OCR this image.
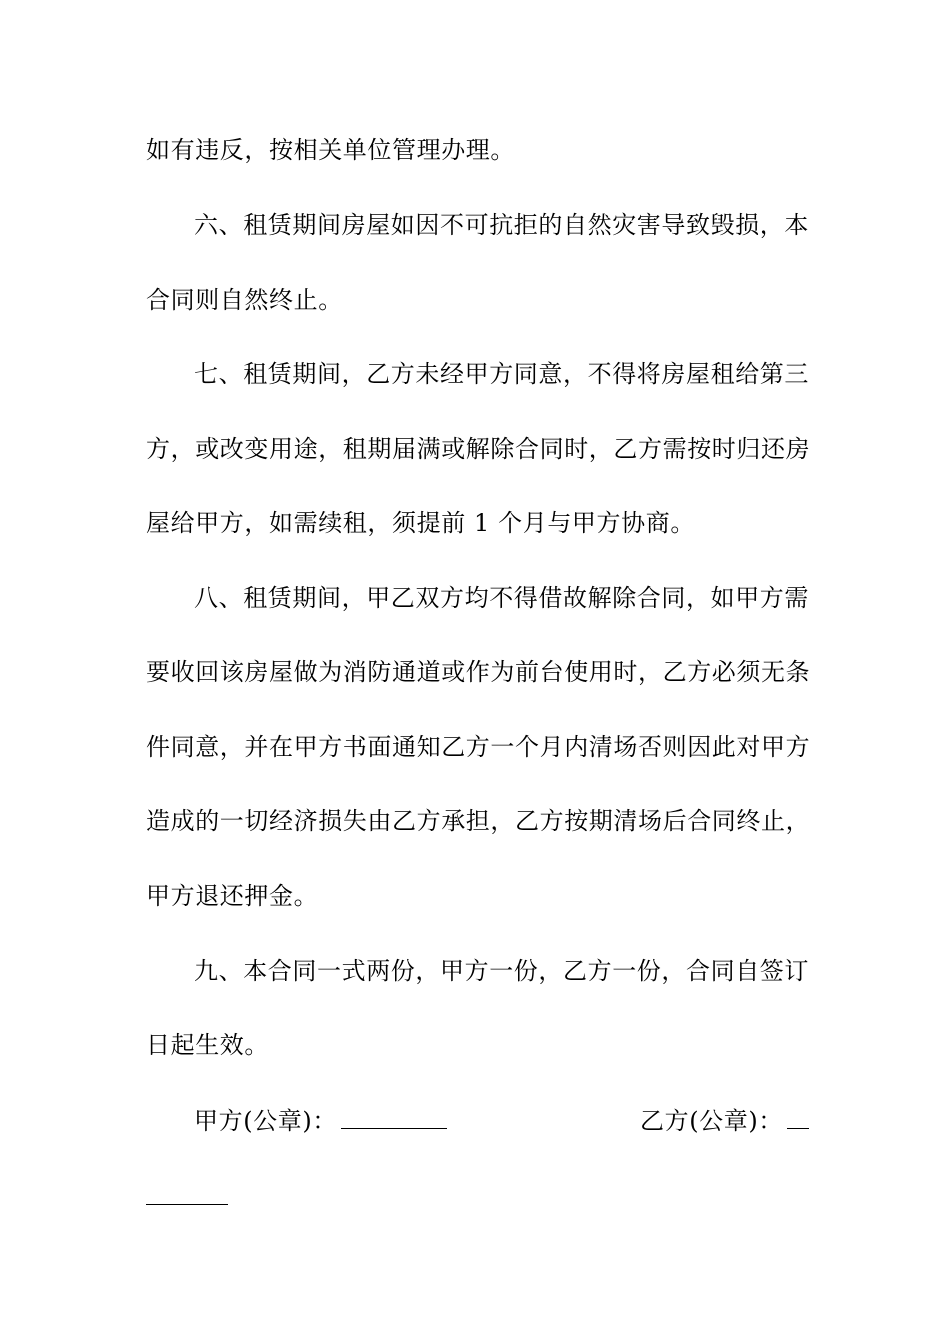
如有违反，按相关单位管理办理。
六、租赁期间房屋如因不可抗拒的自然灾害导致毁损，本
合同则自然终止。
七、租赁期间，乙方未经甲方同意，不得将房屋租给第三
方，或改变用途，租期届满或解除合同时，乙方需按时归还房
屋给甲方，如需续租，须提前 1 个月与甲方协商。
八、租赁期间，甲乙双方均不得借故解除合同，如甲方需
要收回该房屋做为消防通道或作为前台使用时，乙方必须无条
件同意，并在甲方书面通知乙方一个月内清场否则因此对甲方
造成的一切经济损失由乙方承担，乙方按期清场后合同终止，
甲方退还押金。
九、本合同一式两份，甲方一份，乙方一份，合同自签订
日起生效。
甲方(公章)：	乙方(公章)：
